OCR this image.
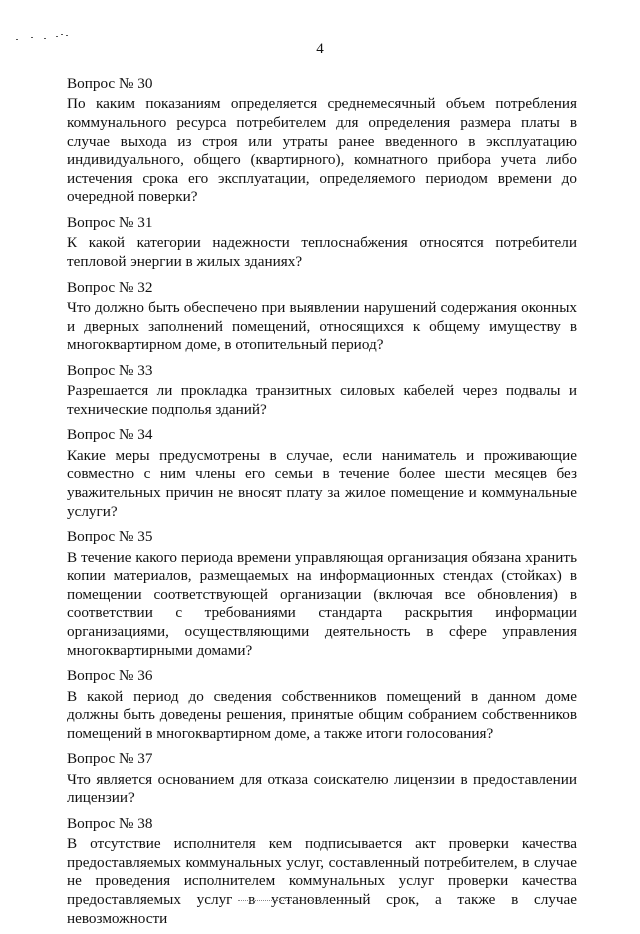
4

Вопрос № 30

По каким показаниям определяется среднемесячный объем потребления коммунального ресурса потребителем для определения размера платы в случае выхода из строя или утраты ранее введенного в эксплуатацию индивидуального, общего (квартирного), комнатного прибора учета либо истечения срока его эксплуатации, определяемого периодом времени до очередной поверки?

Вопрос № 31

К какой категории надежности теплоснабжения относятся потребители тепловой энергии в жилых зданиях?

Вопрос № 32

Что должно быть обеспечено при выявлении нарушений содержания оконных и дверных заполнений помещений, относящихся к общему имуществу в многоквартирном доме, в отопительный период?

Вопрос № 33

Разрешается ли прокладка транзитных силовых кабелей через подвалы и технические подполья зданий?

Вопрос № 34

Какие меры предусмотрены в случае, если наниматель и проживающие совместно с ним члены его семьи в течение более шести месяцев без уважительных причин не вносят плату за жилое помещение и коммунальные услуги?

Вопрос № 35

В течение какого периода времени управляющая организация обязана хранить копии материалов, размещаемых на информационных стендах (стойках) в помещении соответствующей организации (включая все обновления) в соответствии с требованиями стандарта раскрытия информации организациями, осуществляющими деятельность в сфере управления многоквартирными домами?

Вопрос № 36

В какой период до сведения собственников помещений в данном доме должны быть доведены решения, принятые общим собранием собственников помещений в многоквартирном доме, а также итоги голосования?

Вопрос № 37

Что является основанием для отказа соискателю лицензии в предоставлении лицензии?

Вопрос № 38

В отсутствие исполнителя кем подписывается акт проверки качества предоставляемых коммунальных услуг, составленный потребителем, в случае не проведения исполнителем коммунальных услуг проверки качества предоставляемых услуг в установленный срок, а также в случае невозможности
